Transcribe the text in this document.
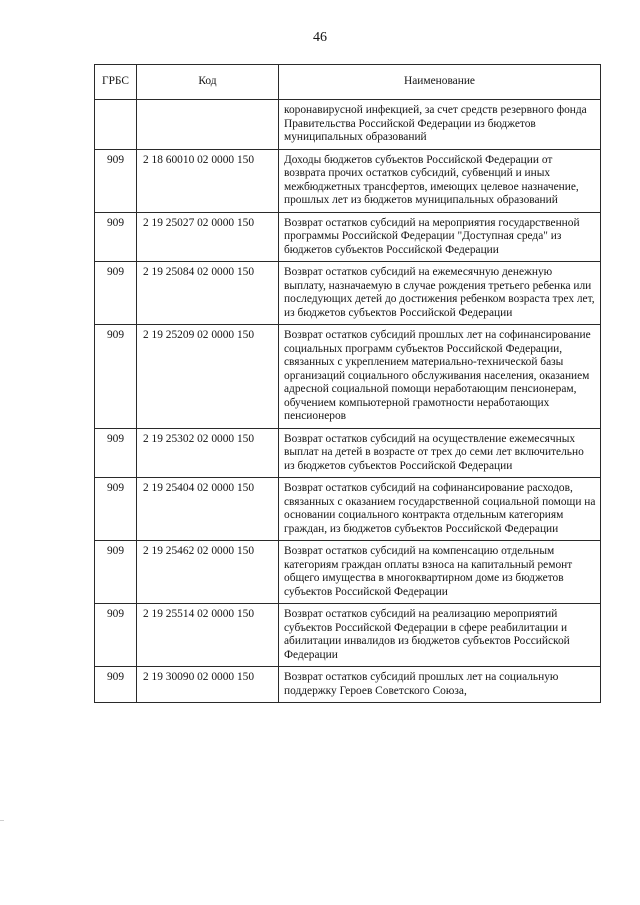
46
ГРБС	Код	Наименование
		коронавирусной инфекцией, за счет средств резервного фонда Правительства Российской Федерации из бюджетов муниципальных образований
909	2 18 60010 02 0000 150	Доходы бюджетов субъектов Российской Федерации от возврата прочих остатков субсидий, субвенций и иных межбюджетных трансфертов, имеющих целевое назначение, прошлых лет из бюджетов муниципальных образований
909	2 19 25027 02 0000 150	Возврат остатков субсидий на мероприятия государственной программы Российской Федерации "Доступная среда" из бюджетов субъектов Российской Федерации
909	2 19 25084 02 0000 150	Возврат остатков субсидий на ежемесячную денежную выплату, назначаемую в случае рождения третьего ребенка или последующих детей до достижения ребенком возраста трех лет, из бюджетов субъектов Российской Федерации
909	2 19 25209 02 0000 150	Возврат остатков субсидий прошлых лет на софинансирование социальных программ субъектов Российской Федерации, связанных с укреплением материально-технической базы организаций социального обслуживания населения, оказанием адресной социальной помощи неработающим пенсионерам, обучением компьютерной грамотности неработающих пенсионеров
909	2 19 25302 02 0000 150	Возврат остатков субсидий на осуществление ежемесячных выплат на детей в возрасте от трех до семи лет включительно из бюджетов субъектов Российской Федерации
909	2 19 25404 02 0000 150	Возврат остатков субсидий на софинансирование расходов, связанных с оказанием государственной социальной помощи на основании социального контракта отдельным категориям граждан, из бюджетов субъектов Российской Федерации
909	2 19 25462 02 0000 150	Возврат остатков субсидий на компенсацию отдельным категориям граждан оплаты взноса на капитальный ремонт общего имущества в многоквартирном доме из бюджетов субъектов Российской Федерации
909	2 19 25514 02 0000 150	Возврат остатков субсидий на реализацию мероприятий субъектов Российской Федерации в сфере реабилитации и абилитации инвалидов из бюджетов субъектов Российской Федерации
909	2 19 30090 02 0000 150	Возврат остатков субсидий прошлых лет на социальную поддержку Героев Советского Союза,
